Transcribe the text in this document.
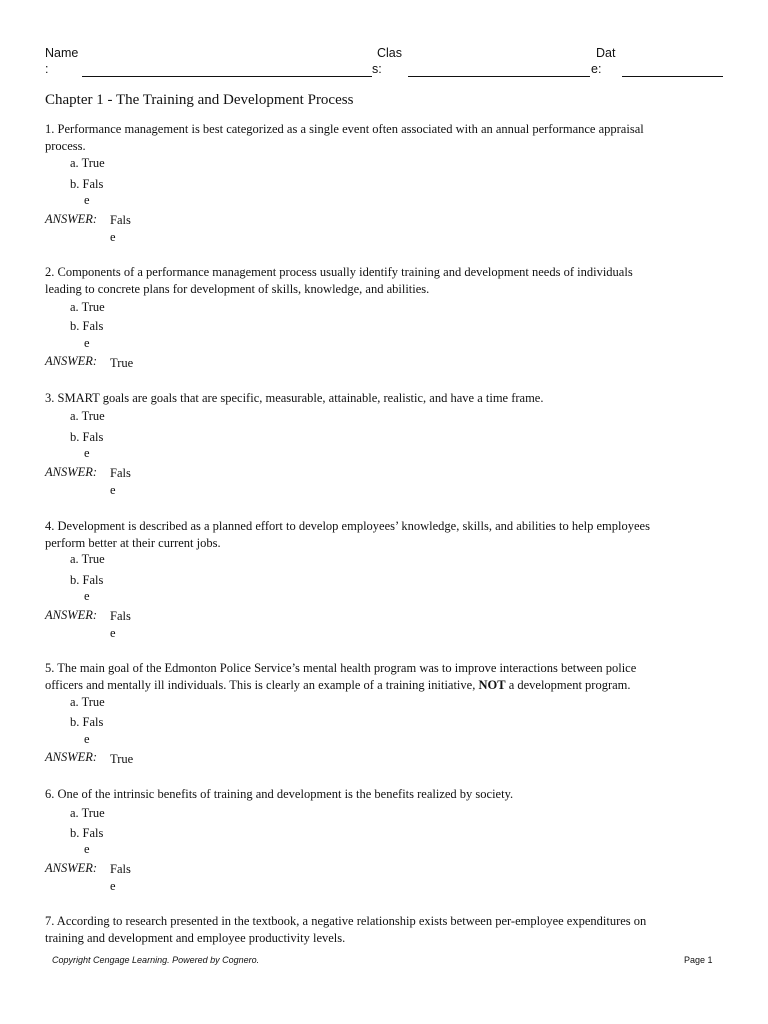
Name
:
Clas
s:
Dat
e:
Chapter 1 - The Training and Development Process
1. Performance management is best categorized as a single event often associated with an annual performance appraisal
process.
a. True
b. Fals
e
ANSWER: Fals
e
2. Components of a performance management process usually identify training and development needs of individuals
leading to concrete plans for development of skills, knowledge, and abilities.
a. True
b. Fals
e
ANSWER: True
3. SMART goals are goals that are specific, measurable, attainable, realistic, and have a time frame.
a. True
b. Fals
e
ANSWER: Fals
e
4. Development is described as a planned effort to develop employees’ knowledge, skills, and abilities to help employees
perform better at their current jobs.
a. True
b. Fals
e
ANSWER: Fals
e
5. The main goal of the Edmonton Police Service’s mental health program was to improve interactions between police
officers and mentally ill individuals. This is clearly an example of a training initiative, NOT a development program.
a. True
b. Fals
e
ANSWER: True
6. One of the intrinsic benefits of training and development is the benefits realized by society.
a. True
b. Fals
e
ANSWER: Fals
e
7. According to research presented in the textbook, a negative relationship exists between per-employee expenditures on
training and development and employee productivity levels.
Copyright Cengage Learning. Powered by Cognero.	Page 1
